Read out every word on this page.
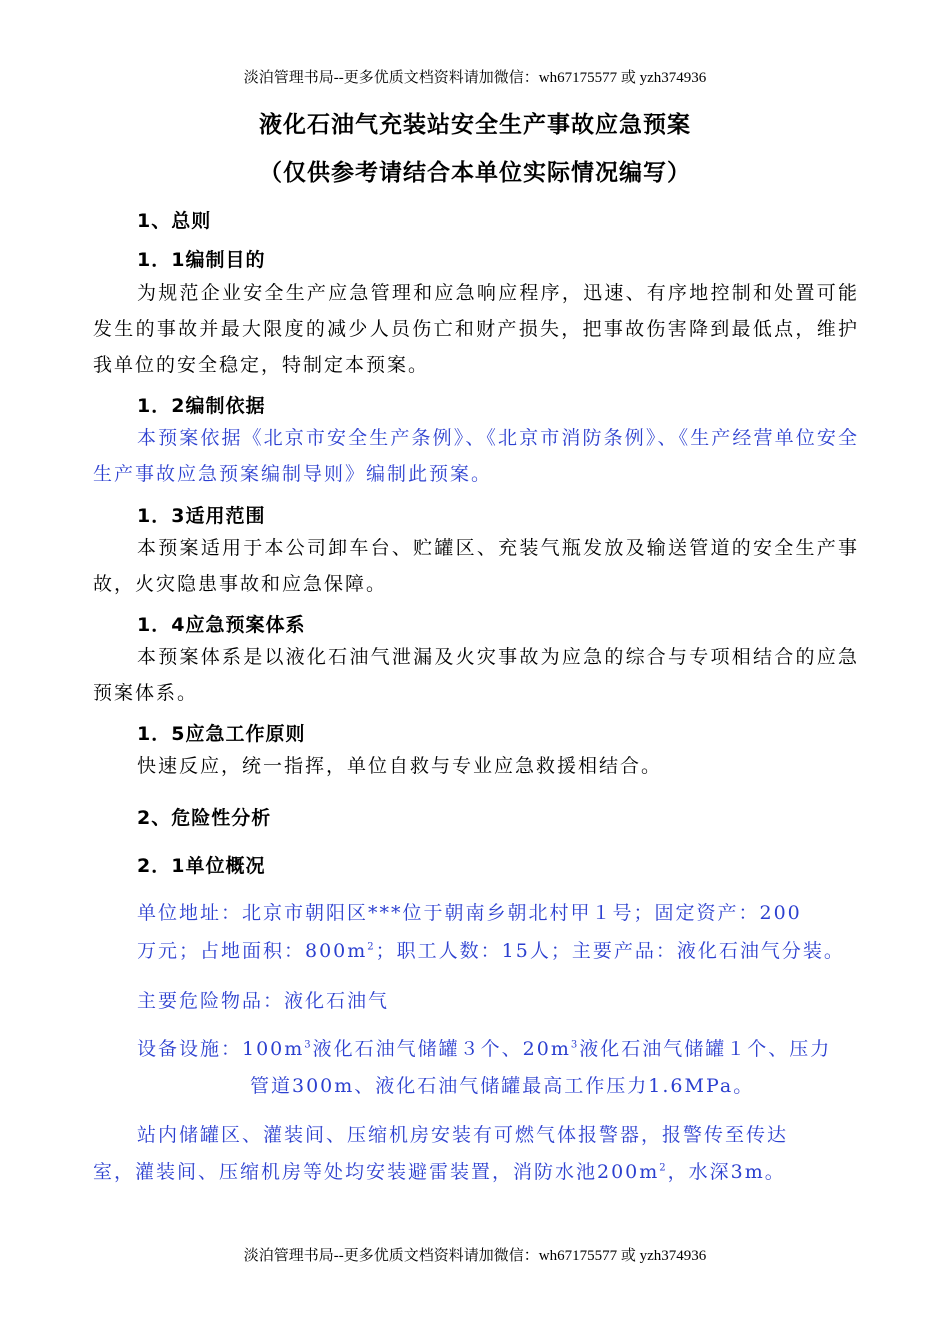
淡泊管理书局--更多优质文档资料请加微信：wh67175577 或 yzh374936
液化石油气充装站安全生产事故应急预案
（仅供参考请结合本单位实际情况编写）
1、总则
1．1编制目的
为规范企业安全生产应急管理和应急响应程序，迅速、有序地控制和处置可能发生的事故并最大限度的减少人员伤亡和财产损失，把事故伤害降到最低点，维护我单位的安全稳定，特制定本预案。
1．2编制依据
本预案依据《北京市安全生产条例》、《北京市消防条例》、《生产经营单位安全生产事故应急预案编制导则》编制此预案。
1．3适用范围
本预案适用于本公司卸车台、贮罐区、充装气瓶发放及输送管道的安全生产事故，火灾隐患事故和应急保障。
1．4应急预案体系
本预案体系是以液化石油气泄漏及火灾事故为应急的综合与专项相结合的应急预案体系。
1．5应急工作原则
快速反应，统一指挥，单位自救与专业应急救援相结合。
2、危险性分析
2．1单位概况
单位地址：北京市朝阳区***位于朝南乡朝北村甲１号；固定资产：200
万元；占地面积：$800m^2$；职工人数：15人；主要产品：液化石油气分装。
主要危险物品：液化石油气
设备设施：$100m^3$液化石油气储罐３个、$20m^3$液化石油气储罐１个、压力
管道300m、液化石油气储罐最高工作压力1.6MPa。
站内储罐区、灌装间、压缩机房安装有可燃气体报警器，报警传至传达
室，灌装间、压缩机房等处均安装避雷装置，消防水池$200m^2$，水深3m。
淡泊管理书局--更多优质文档资料请加微信：wh67175577 或 yzh374936
